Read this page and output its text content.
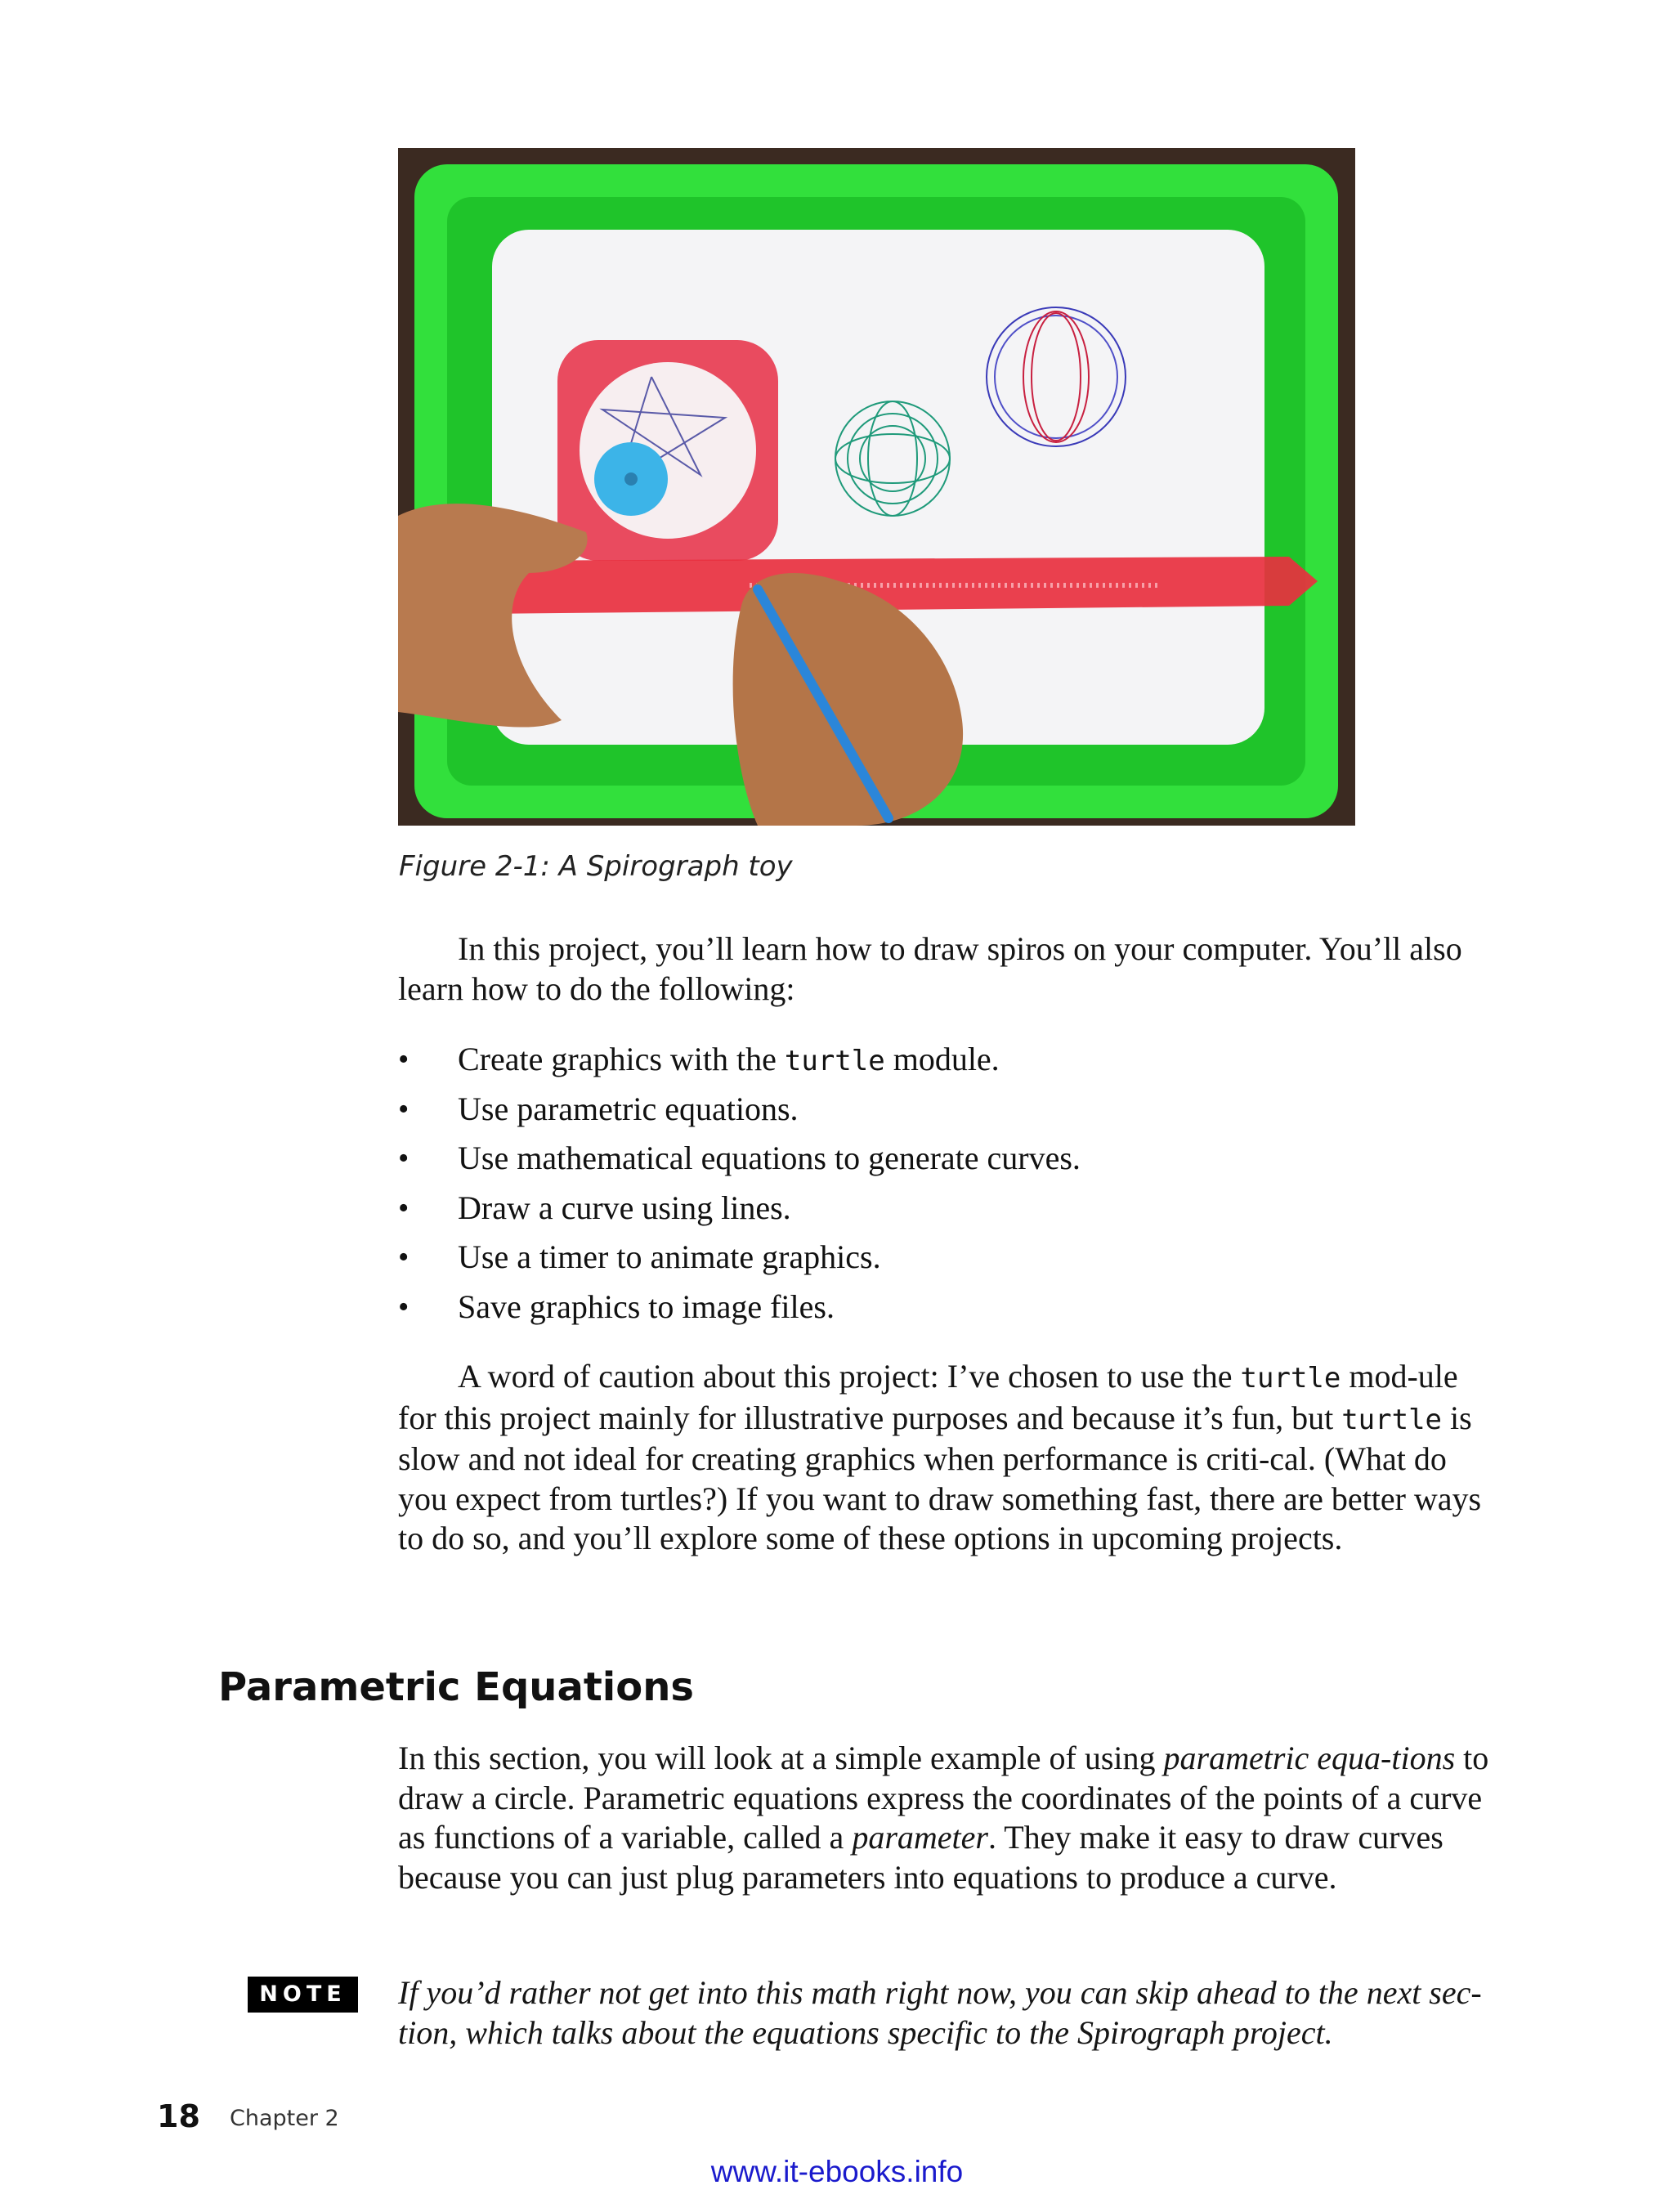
Figure 2-1: A Spirograph toy

In this project, you’ll learn how to draw spiros on your computer. You’ll also learn how to do the following:

• Create graphics with the turtle module.
• Use parametric equations.
• Use mathematical equations to generate curves.
• Draw a curve using lines.
• Use a timer to animate graphics.
• Save graphics to image files.

A word of caution about this project: I’ve chosen to use the turtle mod-ule for this project mainly for illustrative purposes and because it’s fun, but turtle is slow and not ideal for creating graphics when performance is criti-cal. (What do you expect from turtles?) If you want to draw something fast, there are better ways to do so, and you’ll explore some of these options in upcoming projects.

Parametric Equations

In this section, you will look at a simple example of using parametric equa-tions to draw a circle. Parametric equations express the coordinates of the points of a curve as functions of a variable, called a parameter. They make it easy to draw curves because you can just plug parameters into equations to produce a curve.

NOTE	If you’d rather not get into this math right now, you can skip ahead to the next sec-tion, which talks about the equations specific to the Spirograph project.

18 Chapter 2
www.it-ebooks.info
